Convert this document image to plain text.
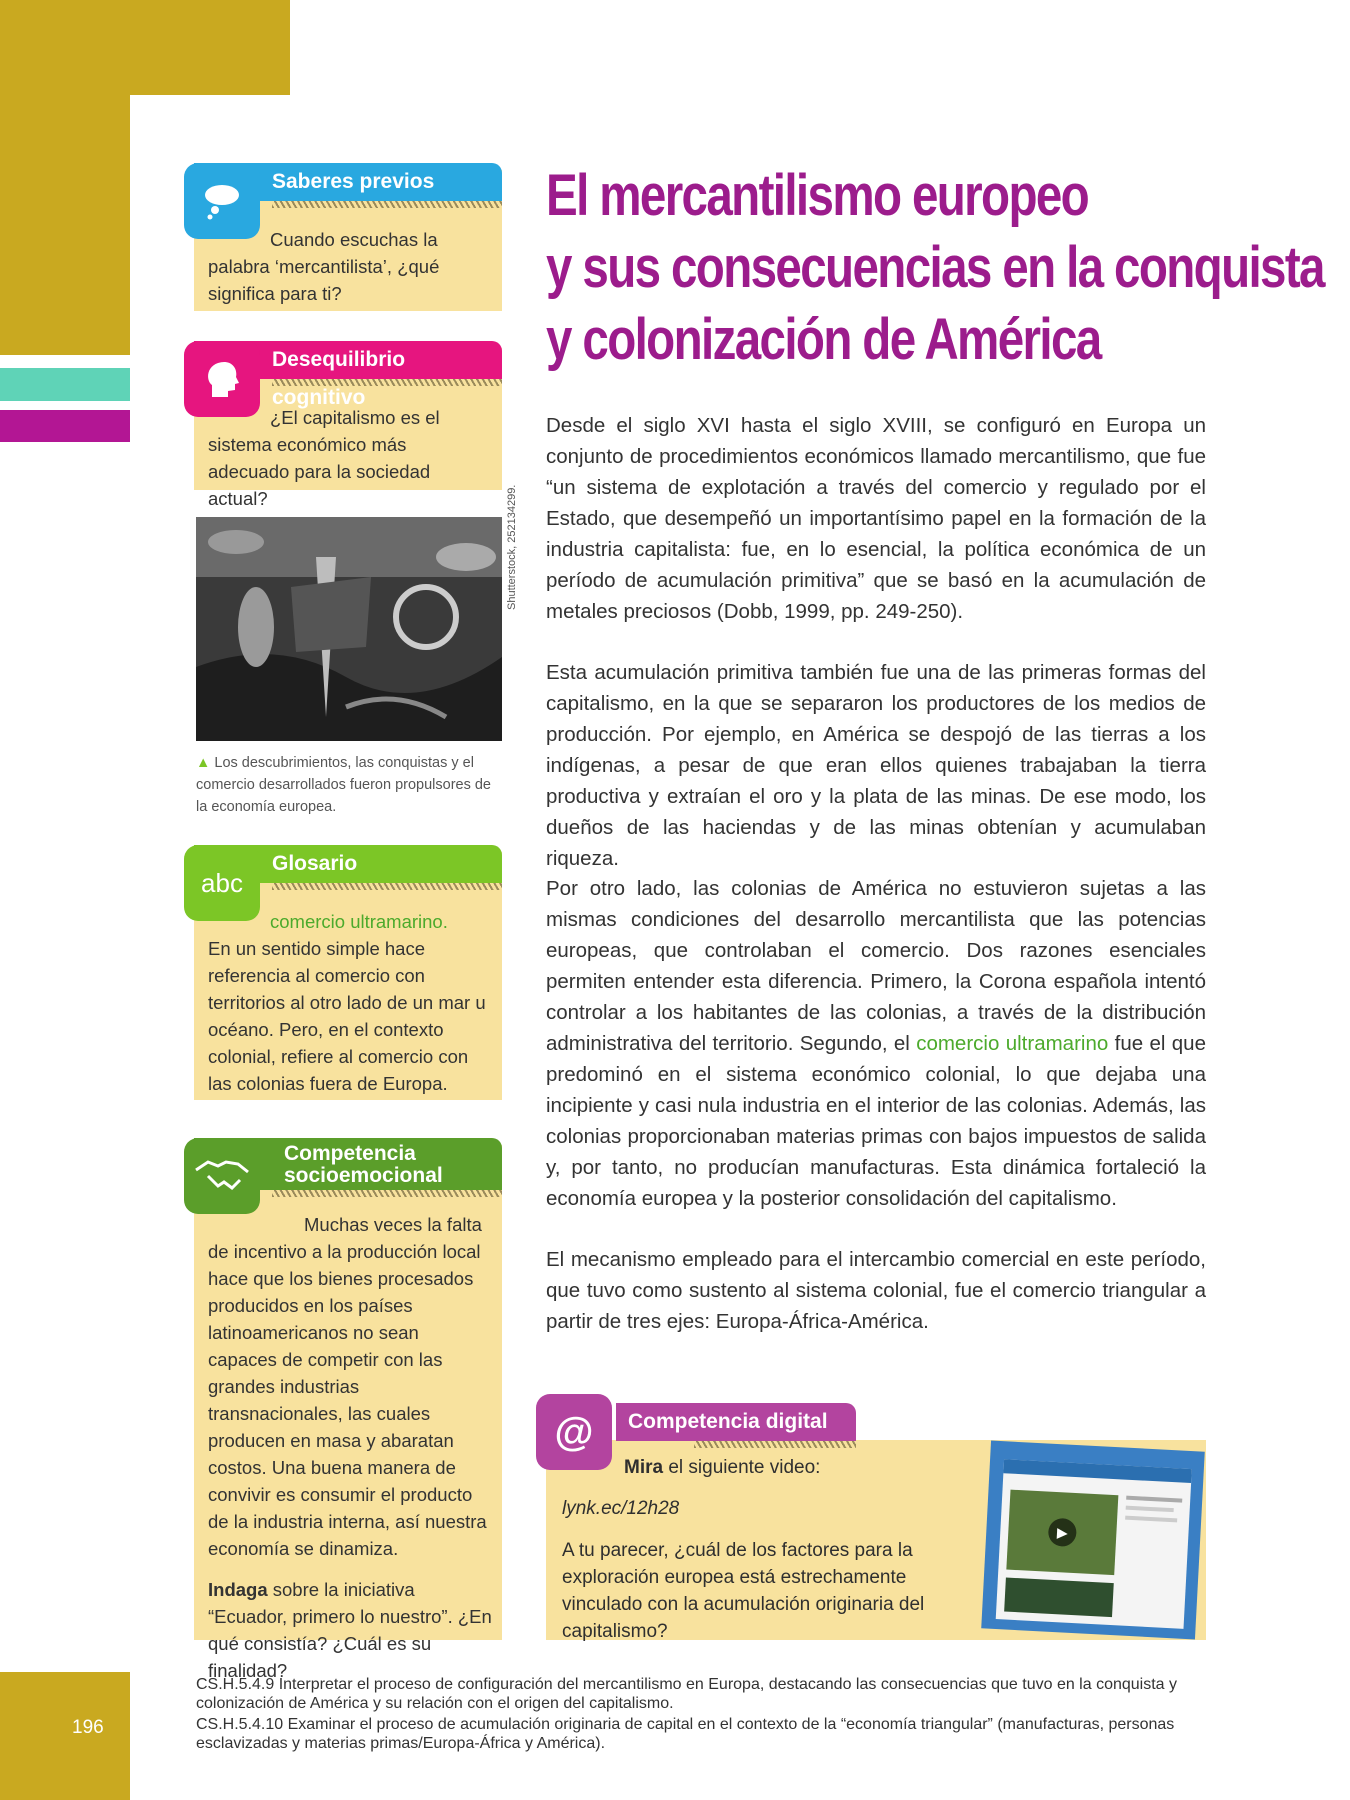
196
Saberes previos
Cuando escuchas la palabra ‘mercantilista’, ¿qué significa para ti?
Desequilibrio cognitivo
¿El capitalismo es el sistema económico más adecuado para la sociedad actual?	Shutterstock, 252134299.
▲ Los descubrimientos, las conquistas y el comercio desarrollados fueron propulsores de la economía europea.
Glosario
abc
comercio ultramarino.
En un sentido simple hace referencia al comercio con territorios al otro lado de un mar u océano. Pero, en el contexto colonial, refiere al comercio con las colonias fuera de Europa.
Competencia
socioemocional
Muchas veces la falta de incentivo a la producción local hace que los bienes procesados producidos en los países latinoamericanos no sean capaces de competir con las grandes industrias transnacionales, las cuales producen en masa y abaratan costos. Una buena manera de convivir es consumir el producto de la industria interna, así nuestra economía se dinamiza.
Indaga sobre la iniciativa “Ecuador, primero lo nuestro”. ¿En qué consistía? ¿Cuál es su finalidad?
El mercantilismo europeo
y sus consecuencias en la conquista
y colonización de América
Desde el siglo XVI hasta el siglo XVIII, se configuró en Europa un conjunto de procedimientos económicos llamado mercantilismo, que fue “un sistema de explotación a través del comercio y regulado por el Estado, que desempeñó un importantísimo papel en la formación de la industria capitalista: fue, en lo esencial, la política económica de un período de acumulación primitiva” que se basó en la acumulación de metales preciosos (Dobb, 1999, pp. 249-250).
Esta acumulación primitiva también fue una de las primeras formas del capitalismo, en la que se separaron los productores de los medios de producción. Por ejemplo, en América se despojó de las tierras a los indígenas, a pesar de que eran ellos quienes trabajaban la tierra productiva y extraían el oro y la plata de las minas. De ese modo, los dueños de las haciendas y de las minas obtenían y acumulaban riqueza.
Por otro lado, las colonias de América no estuvieron sujetas a las mismas condiciones del desarrollo mercantilista que las potencias europeas, que controlaban el comercio. Dos razones esenciales permiten entender esta diferencia. Primero, la Corona española intentó controlar a los habitantes de las colonias, a través de la distribución administrativa del territorio. Segundo, el comercio ultramarino fue el que predominó en el sistema económico colonial, lo que dejaba una incipiente y casi nula industria en el interior de las colonias. Además, las colonias proporcionaban materias primas con bajos impuestos de salida y, por tanto, no producían manufacturas. Esta dinámica fortaleció la economía europea y la posterior consolidación del capitalismo.
El mecanismo empleado para el intercambio comercial en este período, que tuvo como sustento al sistema colonial, fue el comercio triangular a partir de tres ejes: Europa-África-América.
Competencia digital
@
Mira el siguiente video:
lynk.ec/12h28
A tu parecer, ¿cuál de los factores para la exploración europea está estrechamente vinculado con la acumulación originaria del capitalismo?
▶
CS.H.5.4.9 Interpretar el proceso de configuración del mercantilismo en Europa, destacando las consecuencias que tuvo en la conquista y colonización de América y su relación con el origen del capitalismo.
CS.H.5.4.10 Examinar el proceso de acumulación originaria de capital en el contexto de la “economía triangular” (manufacturas, personas esclavizadas y materias primas/Europa-África y América).
